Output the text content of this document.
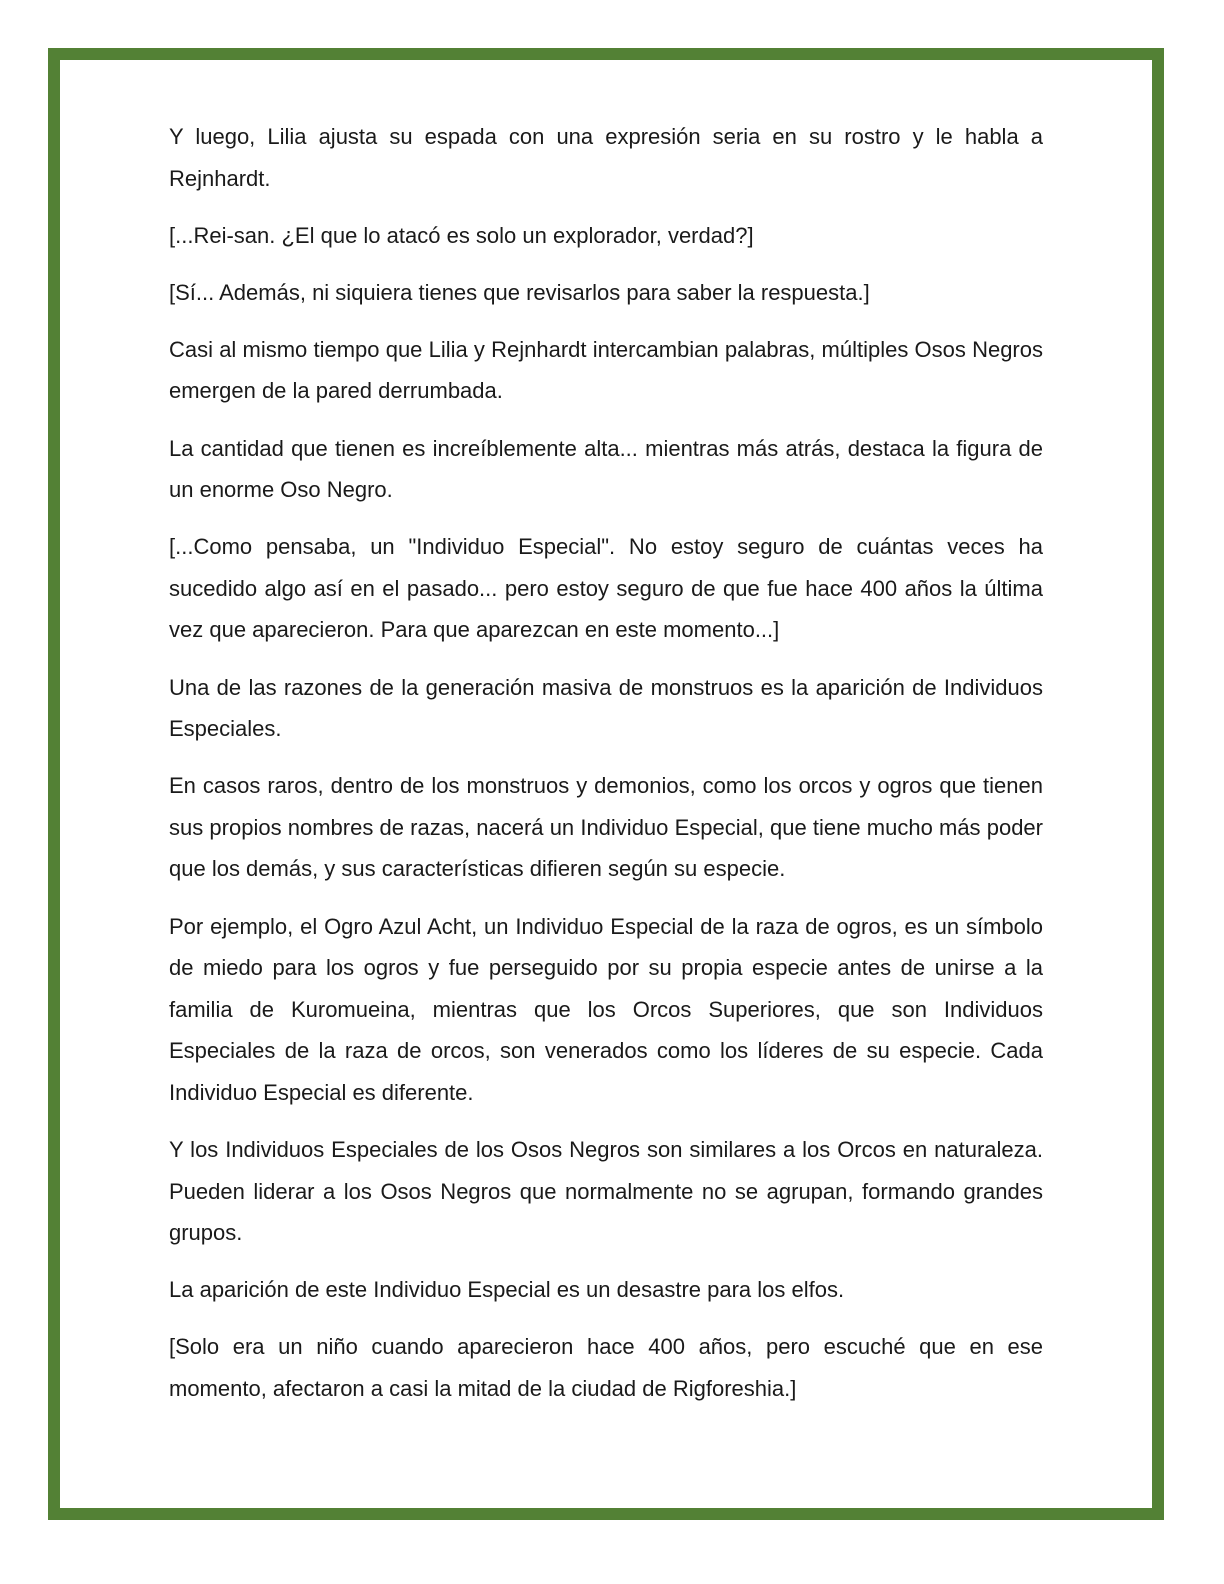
Y luego, Lilia ajusta su espada con una expresión seria en su rostro y le habla a Rejnhardt.

[...Rei-san. ¿El que lo atacó es solo un explorador, verdad?]

[Sí... Además, ni siquiera tienes que revisarlos para saber la respuesta.]

Casi al mismo tiempo que Lilia y Rejnhardt intercambian palabras, múltiples Osos Negros emergen de la pared derrumbada.

La cantidad que tienen es increíblemente alta... mientras más atrás, destaca la figura de un enorme Oso Negro.

[...Como pensaba, un "Individuo Especial". No estoy seguro de cuántas veces ha sucedido algo así en el pasado... pero estoy seguro de que fue hace 400 años la última vez que aparecieron. Para que aparezcan en este momento...]

Una de las razones de la generación masiva de monstruos es la aparición de Individuos Especiales.

En casos raros, dentro de los monstruos y demonios, como los orcos y ogros que tienen sus propios nombres de razas, nacerá un Individuo Especial, que tiene mucho más poder que los demás, y sus características difieren según su especie.

Por ejemplo, el Ogro Azul Acht, un Individuo Especial de la raza de ogros, es un símbolo de miedo para los ogros y fue perseguido por su propia especie antes de unirse a la familia de Kuromueina, mientras que los Orcos Superiores, que son Individuos Especiales de la raza de orcos, son venerados como los líderes de su especie. Cada Individuo Especial es diferente.

Y los Individuos Especiales de los Osos Negros son similares a los Orcos en naturaleza. Pueden liderar a los Osos Negros que normalmente no se agrupan, formando grandes grupos.

La aparición de este Individuo Especial es un desastre para los elfos.

[Solo era un niño cuando aparecieron hace 400 años, pero escuché que en ese momento, afectaron a casi la mitad de la ciudad de Rigforeshia.]
